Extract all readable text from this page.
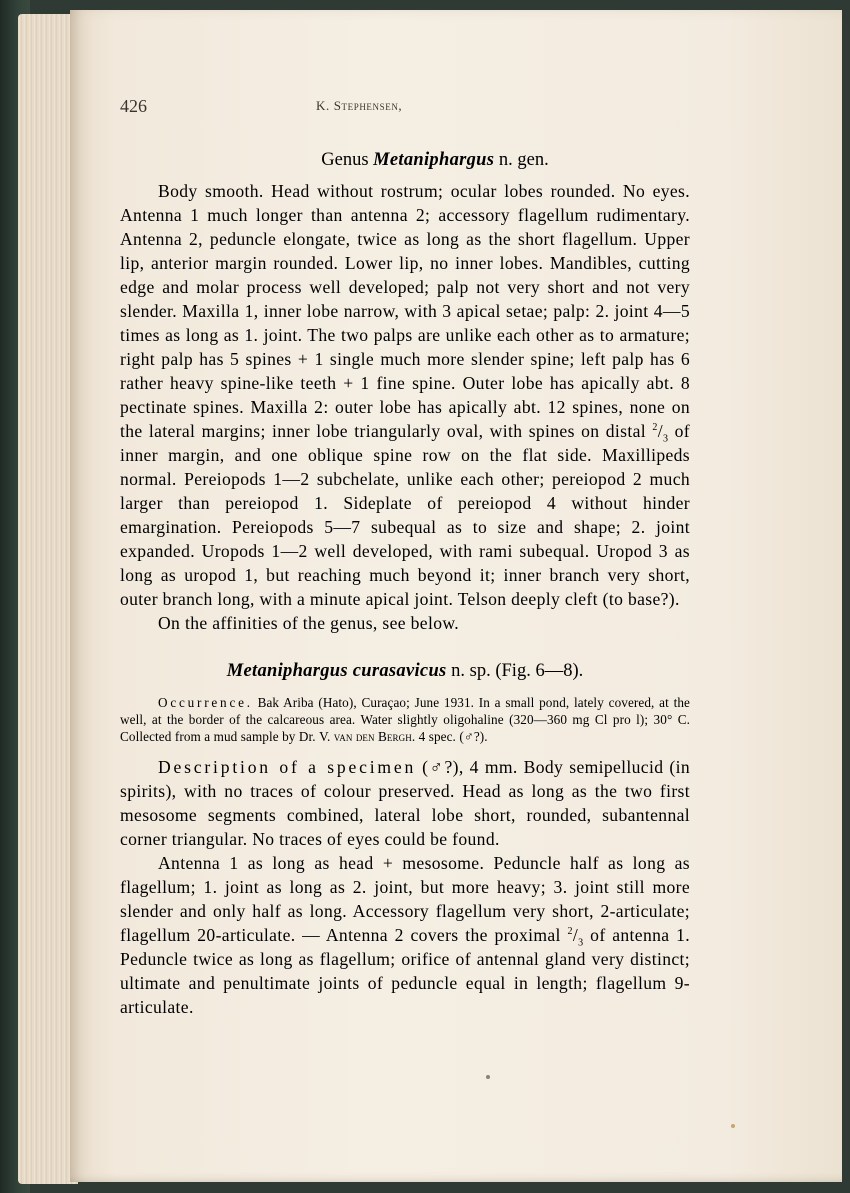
426	K. Stephensen,
Genus Metaniphargus n. gen.

Body smooth. Head without rostrum; ocular lobes rounded. No eyes. Antenna 1 much longer than antenna 2; accessory flagellum rudimentary. Antenna 2, peduncle elongate, twice as long as the short flagellum. Upper lip, anterior margin rounded. Lower lip, no inner lobes. Mandibles, cutting edge and molar process well developed; palp not very short and not very slender. Maxilla 1, inner lobe narrow, with 3 apical setae; palp: 2. joint 4—5 times as long as 1. joint. The two palps are unlike each other as to armature; right palp has 5 spines + 1 single much more slender spine; left palp has 6 rather heavy spine-like teeth + 1 fine spine. Outer lobe has apically abt. 8 pectinate spines. Maxilla 2: outer lobe has apically abt. 12 spines, none on the lateral margins; inner lobe triangularly oval, with spines on distal $^2/_3$ of inner margin, and one oblique spine row on the flat side. Maxillipeds normal. Pereiopods 1—2 subchelate, unlike each other; pereiopod 2 much larger than pereiopod 1. Sideplate of pereiopod 4 without hinder emargination. Pereiopods 5—7 subequal as to size and shape; 2. joint expanded. Uropods 1—2 well developed, with rami subequal. Uropod 3 as long as uropod 1, but reaching much beyond it; inner branch very short, outer branch long, with a minute apical joint. Telson deeply cleft (to base?).

On the affinities of the genus, see below.

Metaniphargus curasavicus n. sp. (Fig. 6—8).
Occurrence. Bak Ariba (Hato), Curaçao; June 1931. In a small pond, lately covered, at the well, at the border of the calcareous area. Water slightly oligohaline (320—360 mg Cl pro l); 30° C. Collected from a mud sample by Dr. V. van den Bergh. 4 spec. (♂?).

Description of a specimen (♂?), 4 mm. Body semipellucid (in spirits), with no traces of colour preserved. Head as long as the two first mesosome segments combined, lateral lobe short, rounded, subantennal corner triangular. No traces of eyes could be found.

Antenna 1 as long as head + mesosome. Peduncle half as long as flagellum; 1. joint as long as 2. joint, but more heavy; 3. joint still more slender and only half as long. Accessory flagellum very short, 2-articulate; flagellum 20-articulate. — Antenna 2 covers the proximal $^2/_3$ of antenna 1. Peduncle twice as long as flagellum; orifice of antennal gland very distinct; ultimate and penultimate joints of peduncle equal in length; flagellum 9-articulate.
